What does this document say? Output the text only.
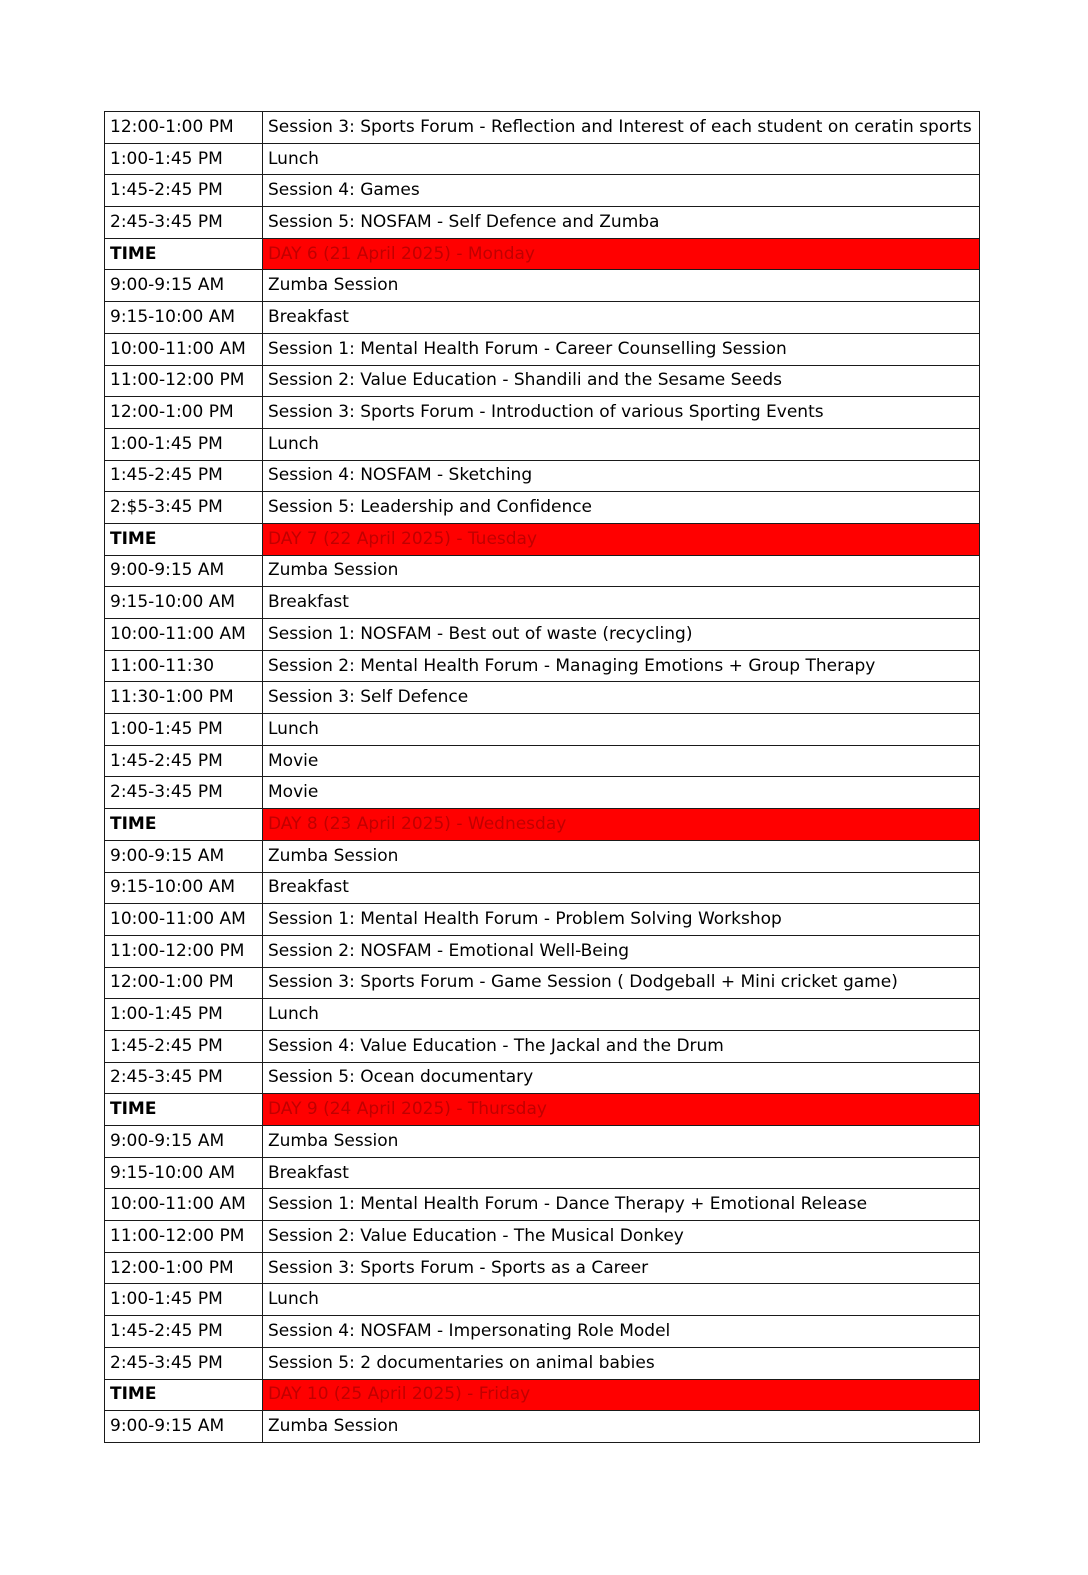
12:00-1:00 PM	Session 3: Sports Forum - Reflection and Interest of each student on ceratin sports
1:00-1:45 PM	Lunch
1:45-2:45 PM	Session 4: Games
2:45-3:45 PM	Session 5: NOSFAM - Self Defence and Zumba
TIME	DAY 6 (21 April 2025) - Monday
9:00-9:15 AM	Zumba Session
9:15-10:00 AM	Breakfast
10:00-11:00 AM	Session 1: Mental Health Forum - Career Counselling Session
11:00-12:00 PM	Session 2: Value Education - Shandili and the Sesame Seeds
12:00-1:00 PM	Session 3: Sports Forum - Introduction of various Sporting Events
1:00-1:45 PM	Lunch
1:45-2:45 PM	Session 4: NOSFAM - Sketching
2:$5-3:45 PM	Session 5: Leadership and Confidence
TIME	DAY 7 (22 April 2025) - Tuesday
9:00-9:15 AM	Zumba Session
9:15-10:00 AM	Breakfast
10:00-11:00 AM	Session 1: NOSFAM - Best out of waste (recycling)
11:00-11:30	Session 2: Mental Health Forum - Managing Emotions + Group Therapy
11:30-1:00 PM	Session 3: Self Defence
1:00-1:45 PM	Lunch
1:45-2:45 PM	Movie
2:45-3:45 PM	Movie
TIME	DAY 8 (23 April 2025) - Wednesday
9:00-9:15 AM	Zumba Session
9:15-10:00 AM	Breakfast
10:00-11:00 AM	Session 1: Mental Health Forum - Problem Solving Workshop
11:00-12:00 PM	Session 2: NOSFAM - Emotional Well-Being
12:00-1:00 PM	Session 3: Sports Forum - Game Session ( Dodgeball + Mini cricket game)
1:00-1:45 PM	Lunch
1:45-2:45 PM	Session 4: Value Education - The Jackal and the Drum
2:45-3:45 PM	Session 5: Ocean documentary
TIME	DAY 9 (24 April 2025) - Thursday
9:00-9:15 AM	Zumba Session
9:15-10:00 AM	Breakfast
10:00-11:00 AM	Session 1: Mental Health Forum - Dance Therapy + Emotional Release
11:00-12:00 PM	Session 2: Value Education - The Musical Donkey
12:00-1:00 PM	Session 3: Sports Forum - Sports as a Career
1:00-1:45 PM	Lunch
1:45-2:45 PM	Session 4: NOSFAM - Impersonating Role Model
2:45-3:45 PM	Session 5: 2 documentaries on animal babies
TIME	DAY 10 (25 April 2025) - Friday
9:00-9:15 AM	Zumba Session
